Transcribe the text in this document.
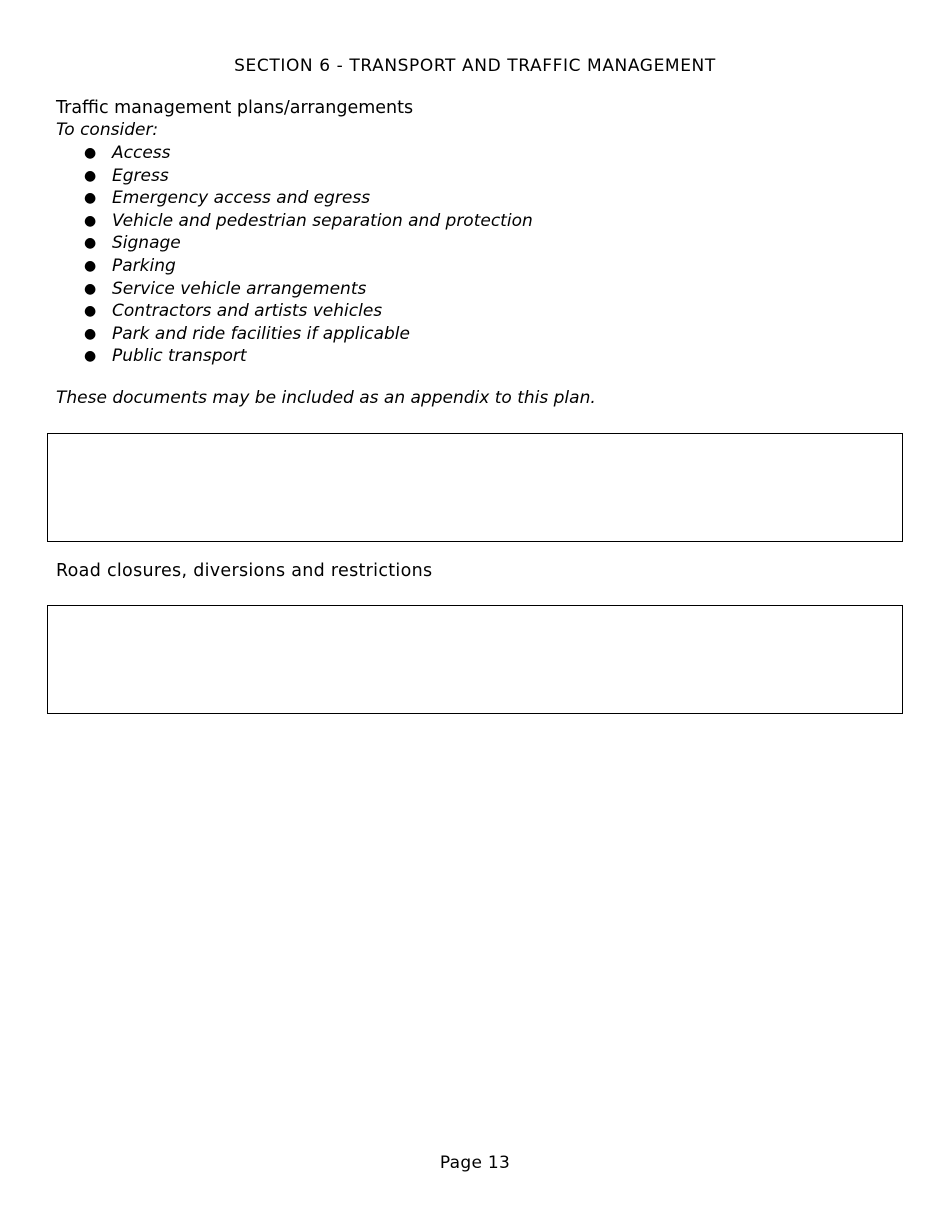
SECTION 6 - TRANSPORT AND TRAFFIC MANAGEMENT
Traffic management plans/arrangements
To consider:
● Access
● Egress
● Emergency access and egress
● Vehicle and pedestrian separation and protection
● Signage
● Parking
● Service vehicle arrangements
● Contractors and artists vehicles
● Park and ride facilities if applicable
● Public transport
These documents may be included as an appendix to this plan.
Road closures, diversions and restrictions
Page 13
